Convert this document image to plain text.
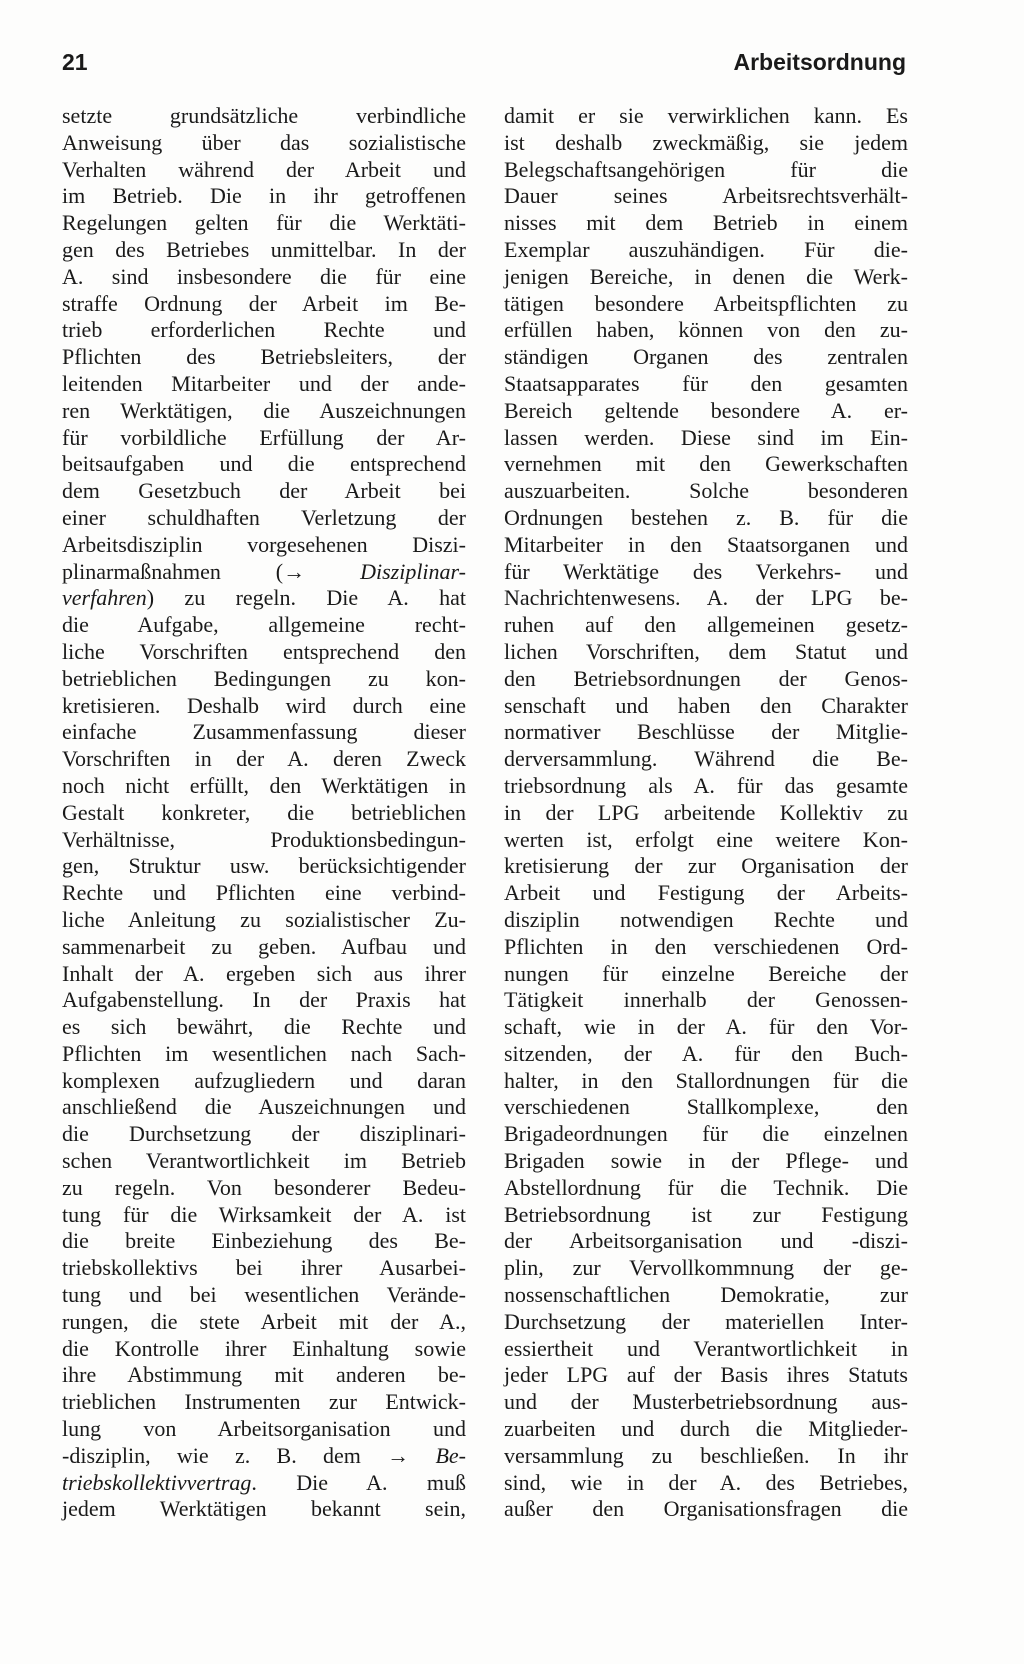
21	Arbeitsordnung
setzte grundsätzliche verbindliche
Anweisung über das sozialistische
Verhalten während der Arbeit und
im Betrieb. Die in ihr getroffenen
Regelungen gelten für die Werktäti-
gen des Betriebes unmittelbar. In der
A. sind insbesondere die für eine
straffe Ordnung der Arbeit im Be-
trieb erforderlichen Rechte und
Pflichten des Betriebsleiters, der
leitenden Mitarbeiter und der ande-
ren Werktätigen, die Auszeichnungen
für vorbildliche Erfüllung der Ar-
beitsaufgaben und die entsprechend
dem Gesetzbuch der Arbeit bei
einer schuldhaften Verletzung der
Arbeitsdisziplin vorgesehenen Diszi-
plinarmaßnahmen (→ Disziplinar-
verfahren) zu regeln. Die A. hat
die Aufgabe, allgemeine recht-
liche Vorschriften entsprechend den
betrieblichen Bedingungen zu kon-
kretisieren. Deshalb wird durch eine
einfache Zusammenfassung dieser
Vorschriften in der A. deren Zweck
noch nicht erfüllt, den Werktätigen in
Gestalt konkreter, die betrieblichen
Verhältnisse, Produktionsbedingun-
gen, Struktur usw. berücksichtigender
Rechte und Pflichten eine verbind-
liche Anleitung zu sozialistischer Zu-
sammenarbeit zu geben. Aufbau und
Inhalt der A. ergeben sich aus ihrer
Aufgabenstellung. In der Praxis hat
es sich bewährt, die Rechte und
Pflichten im wesentlichen nach Sach-
komplexen aufzugliedern und daran
anschließend die Auszeichnungen und
die Durchsetzung der disziplinari-
schen Verantwortlichkeit im Betrieb
zu regeln. Von besonderer Bedeu-
tung für die Wirksamkeit der A. ist
die breite Einbeziehung des Be-
triebskollektivs bei ihrer Ausarbei-
tung und bei wesentlichen Verände-
rungen, die stete Arbeit mit der A.,
die Kontrolle ihrer Einhaltung sowie
ihre Abstimmung mit anderen be-
trieblichen Instrumenten zur Entwick-
lung von Arbeitsorganisation und
-disziplin, wie z. B. dem → Be-
triebskollektivvertrag. Die A. muß
jedem Werktätigen bekannt sein,
damit er sie verwirklichen kann. Es
ist deshalb zweckmäßig, sie jedem
Belegschaftsangehörigen für die
Dauer seines Arbeitsrechtsverhält-
nisses mit dem Betrieb in einem
Exemplar auszuhändigen. Für die-
jenigen Bereiche, in denen die Werk-
tätigen besondere Arbeitspflichten zu
erfüllen haben, können von den zu-
ständigen Organen des zentralen
Staatsapparates für den gesamten
Bereich geltende besondere A. er-
lassen werden. Diese sind im Ein-
vernehmen mit den Gewerkschaften
auszuarbeiten. Solche besonderen
Ordnungen bestehen z. B. für die
Mitarbeiter in den Staatsorganen und
für Werktätige des Verkehrs- und
Nachrichtenwesens. A. der LPG be-
ruhen auf den allgemeinen gesetz-
lichen Vorschriften, dem Statut und
den Betriebsordnungen der Genos-
senschaft und haben den Charakter
normativer Beschlüsse der Mitglie-
derversammlung. Während die Be-
triebsordnung als A. für das gesamte
in der LPG arbeitende Kollektiv zu
werten ist, erfolgt eine weitere Kon-
kretisierung der zur Organisation der
Arbeit und Festigung der Arbeits-
disziplin notwendigen Rechte und
Pflichten in den verschiedenen Ord-
nungen für einzelne Bereiche der
Tätigkeit innerhalb der Genossen-
schaft, wie in der A. für den Vor-
sitzenden, der A. für den Buch-
halter, in den Stallordnungen für die
verschiedenen Stallkomplexe, den
Brigadeordnungen für die einzelnen
Brigaden sowie in der Pflege- und
Abstellordnung für die Technik. Die
Betriebsordnung ist zur Festigung
der Arbeitsorganisation und -diszi-
plin, zur Vervollkommnung der ge-
nossenschaftlichen Demokratie, zur
Durchsetzung der materiellen Inter-
essiertheit und Verantwortlichkeit in
jeder LPG auf der Basis ihres Statuts
und der Musterbetriebsordnung aus-
zuarbeiten und durch die Mitglieder-
versammlung zu beschließen. In ihr
sind, wie in der A. des Betriebes,
außer den Organisationsfragen die
